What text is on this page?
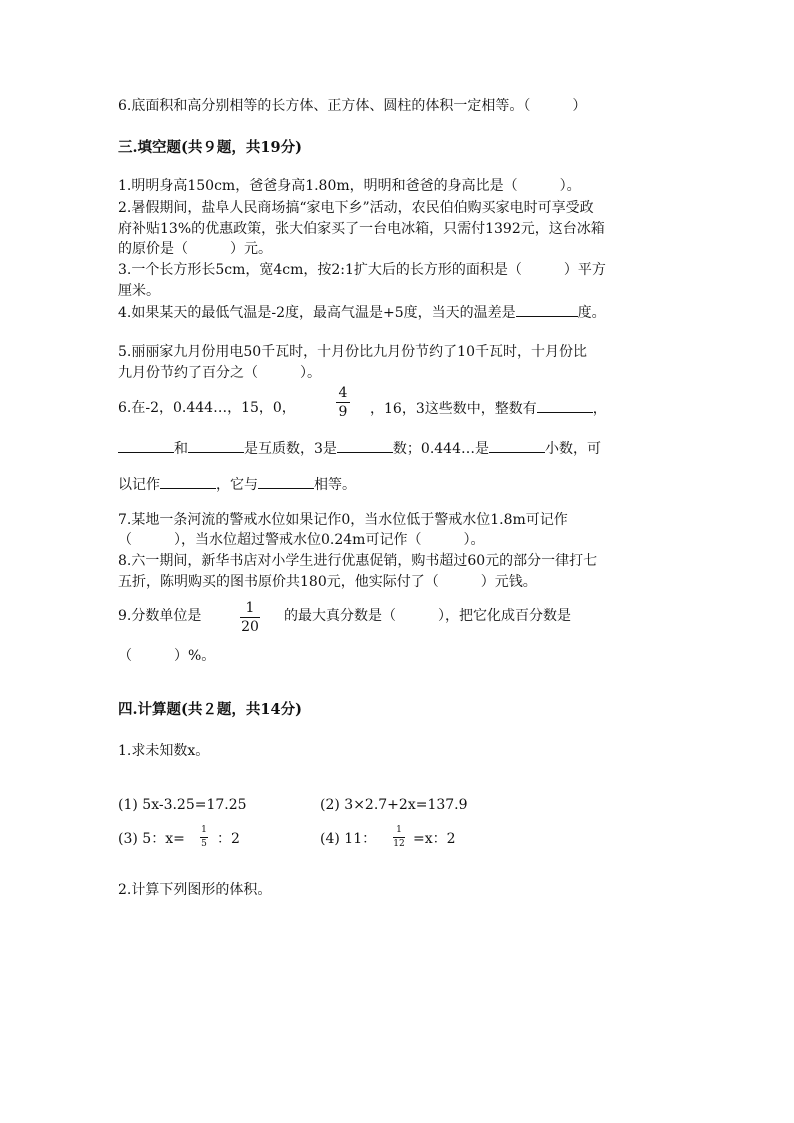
6.底面积和高分别相等的长方体、正方体、圆柱的体积一定相等。（　　　）
三.填空题(共９题，共19分)
1.明明身高150cm，爸爸身高1.80m，明明和爸爸的身高比是（　　　）。
2.暑假期间，盐阜人民商场搞“家电下乡”活动，农民伯伯购买家电时可享受政
府补贴13%的优惠政策，张大伯家买了一台电冰箱，只需付1392元，这台冰箱
的原价是（　　　）元。
3.一个长方形长5cm，宽4cm，按2:1扩大后的长方形的面积是（　　　）平方
厘米。
4.如果某天的最低气温是-2度，最高气温是+5度，当天的温差是	度。
5.丽丽家九月份用电50千瓦时，十月份比九月份节约了10千瓦时，十月份比
九月份节约了百分之（　　　）。
6.在-2，0.444…，15，0，
4
9 ，16，3这些数中，整数有	，
和	是互质数，3是	数；0.444…是	小数，可
以记作	，它与	相等。
7.某地一条河流的警戒水位如果记作0，当水位低于警戒水位1.8m可记作
（　　　），当水位超过警戒水位0.24m可记作（　　　）。
8.六一期间，新华书店对小学生进行优惠促销，购书超过60元的部分一律打七
五折，陈明购买的图书原价共180元，他实际付了（　　　）元钱。
9.分数单位是	1
20
的最大真分数是（　　　），把它化成百分数是
（　　　）%。
四.计算题(共２题，共14分)
1.求未知数x。
(1) 5x-3.25=17.25	(2) 3×2.7+2x=137.9
(3) 5：x=
1
5 ：2	(4) 11：
1
12 =x：2
2.计算下列图形的体积。
